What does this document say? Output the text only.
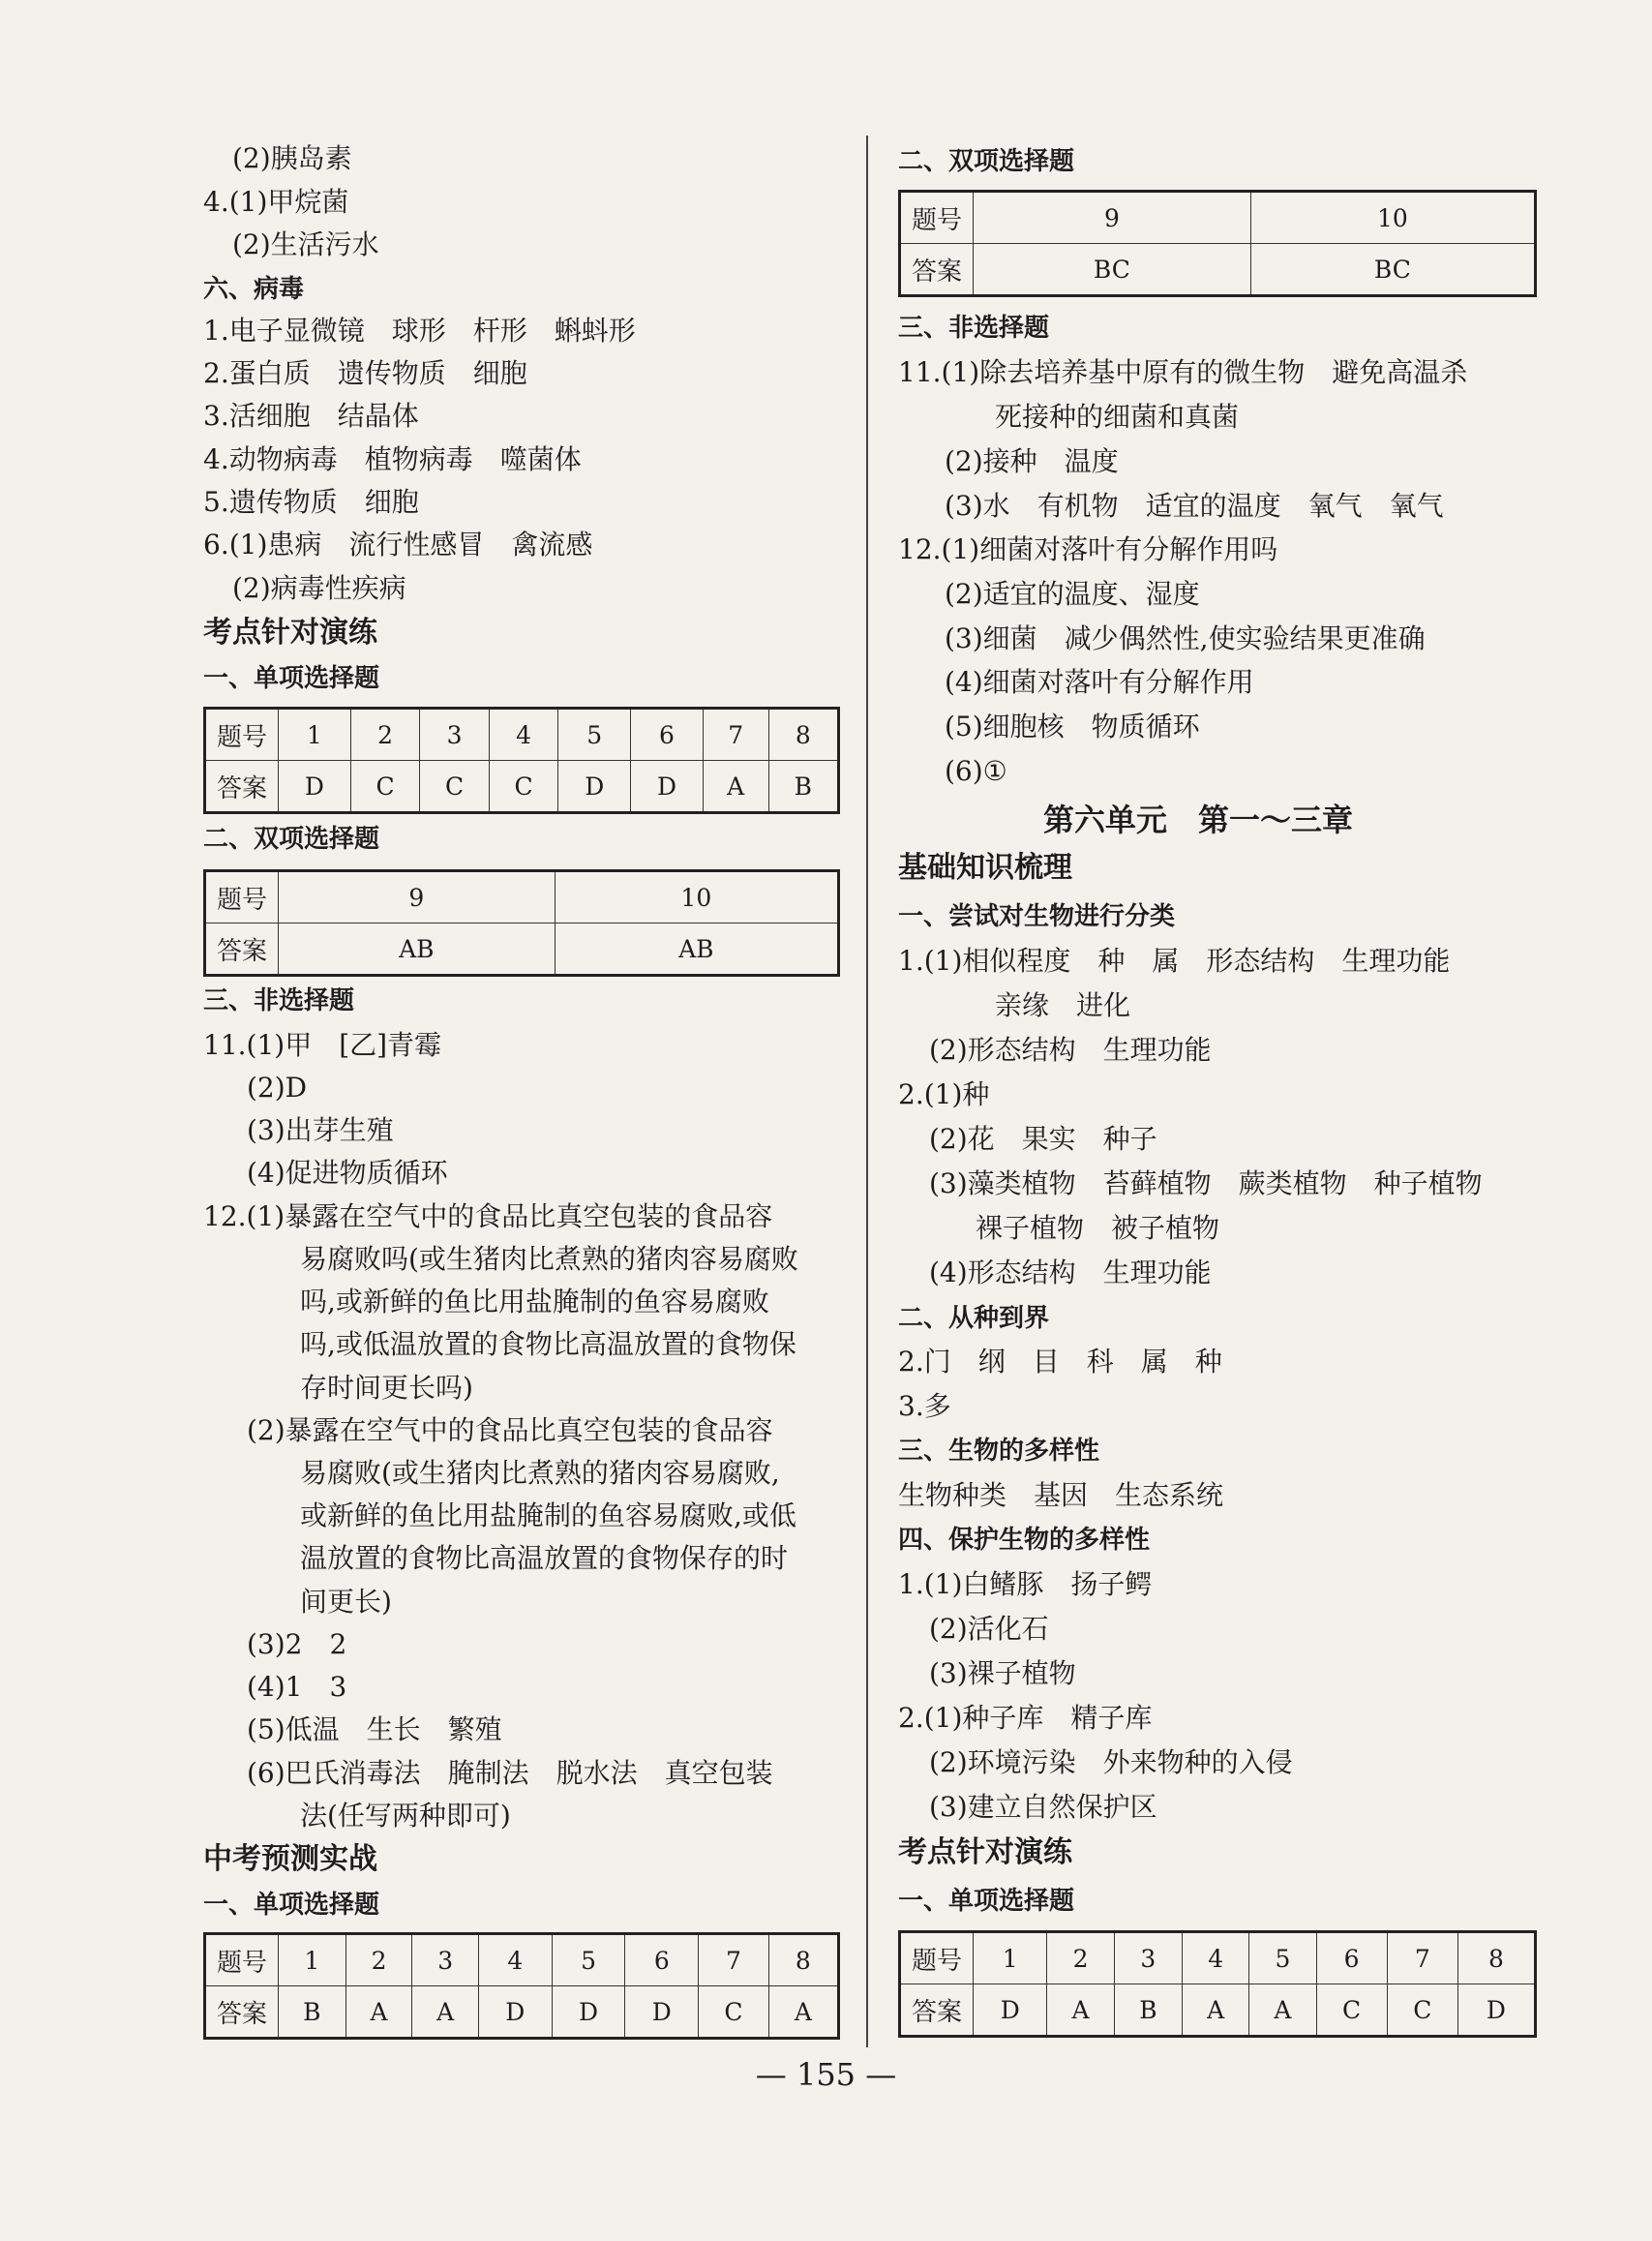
(2)胰岛素
4.(1)甲烷菌
(2)生活污水
六、病毒
1.电子显微镜　球形　杆形　蝌蚪形
2.蛋白质　遗传物质　细胞
3.活细胞　结晶体
4.动物病毒　植物病毒　噬菌体
5.遗传物质　细胞
6.(1)患病　流行性感冒　禽流感
(2)病毒性疾病
考点针对演练
一、单项选择题
题号	1	2	3	4	5	6	7	8
答案	D	C	C	C	D	D	A	B
二、双项选择题
题号	9	10
答案	AB	AB
三、非选择题
11.(1)甲　[乙]青霉
(2)D
(3)出芽生殖
(4)促进物质循环
12.(1)暴露在空气中的食品比真空包装的食品容
易腐败吗(或生猪肉比煮熟的猪肉容易腐败
吗,或新鲜的鱼比用盐腌制的鱼容易腐败
吗,或低温放置的食物比高温放置的食物保
存时间更长吗)
(2)暴露在空气中的食品比真空包装的食品容
易腐败(或生猪肉比煮熟的猪肉容易腐败,
或新鲜的鱼比用盐腌制的鱼容易腐败,或低
温放置的食物比高温放置的食物保存的时
间更长)
(3)2　2
(4)1　3
(5)低温　生长　繁殖
(6)巴氏消毒法　腌制法　脱水法　真空包装
法(任写两种即可)
中考预测实战
一、单项选择题
题号	1	2	3	4	5	6	7	8
答案	B	A	A	D	D	D	C	A
二、双项选择题
题号	9	10
答案	BC	BC
三、非选择题
11.(1)除去培养基中原有的微生物　避免高温杀
死接种的细菌和真菌
(2)接种　温度
(3)水　有机物　适宜的温度　氧气　氧气
12.(1)细菌对落叶有分解作用吗
(2)适宜的温度、湿度
(3)细菌　减少偶然性,使实验结果更准确
(4)细菌对落叶有分解作用
(5)细胞核　物质循环
(6)①
第六单元　第一～三章
基础知识梳理
一、尝试对生物进行分类
1.(1)相似程度　种　属　形态结构　生理功能
亲缘　进化
(2)形态结构　生理功能
2.(1)种
(2)花　果实　种子
(3)藻类植物　苔藓植物　蕨类植物　种子植物
裸子植物　被子植物
(4)形态结构　生理功能
二、从种到界
2.门　纲　目　科　属　种
3.多
三、生物的多样性
生物种类　基因　生态系统
四、保护生物的多样性
1.(1)白鳍豚　扬子鳄
(2)活化石
(3)裸子植物
2.(1)种子库　精子库
(2)环境污染　外来物种的入侵
(3)建立自然保护区
考点针对演练
一、单项选择题
题号	1	2	3	4	5	6	7	8
答案	D	A	B	A	A	C	C	D
— 155 —
